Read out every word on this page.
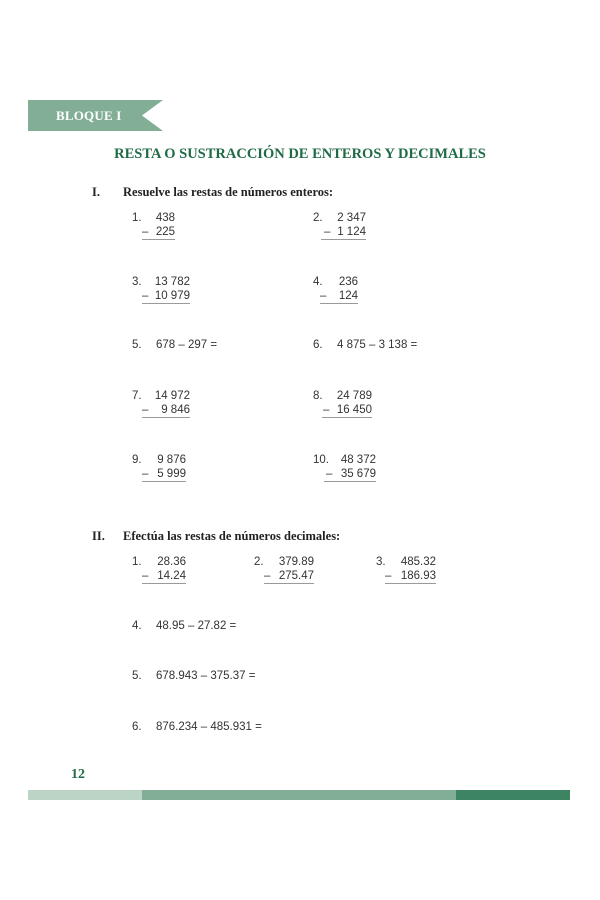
BLOQUE I
RESTA O SUSTRACCIÓN DE ENTEROS Y DECIMALES
I. Resuelve las restas de números enteros:
1.	438
– 225
2.	2 347
– 1 124
3.	13 782
– 10 979
4.	236
– 124
5. 678 – 297 =	6. 4 875 – 3 138 =
7.	14 972
– 9 846
8.	24 789
– 16 450
9.	9 876
– 5 999
10.	48 372
– 35 679
II. Efectúa las restas de números decimales:
1.	28.36
– 14.24
2.	379.89
– 275.47
3.	485.32
– 186.93
4. 48.95 – 27.82 =
5. 678.943 – 375.37 =
6. 876.234 – 485.931 =
12
